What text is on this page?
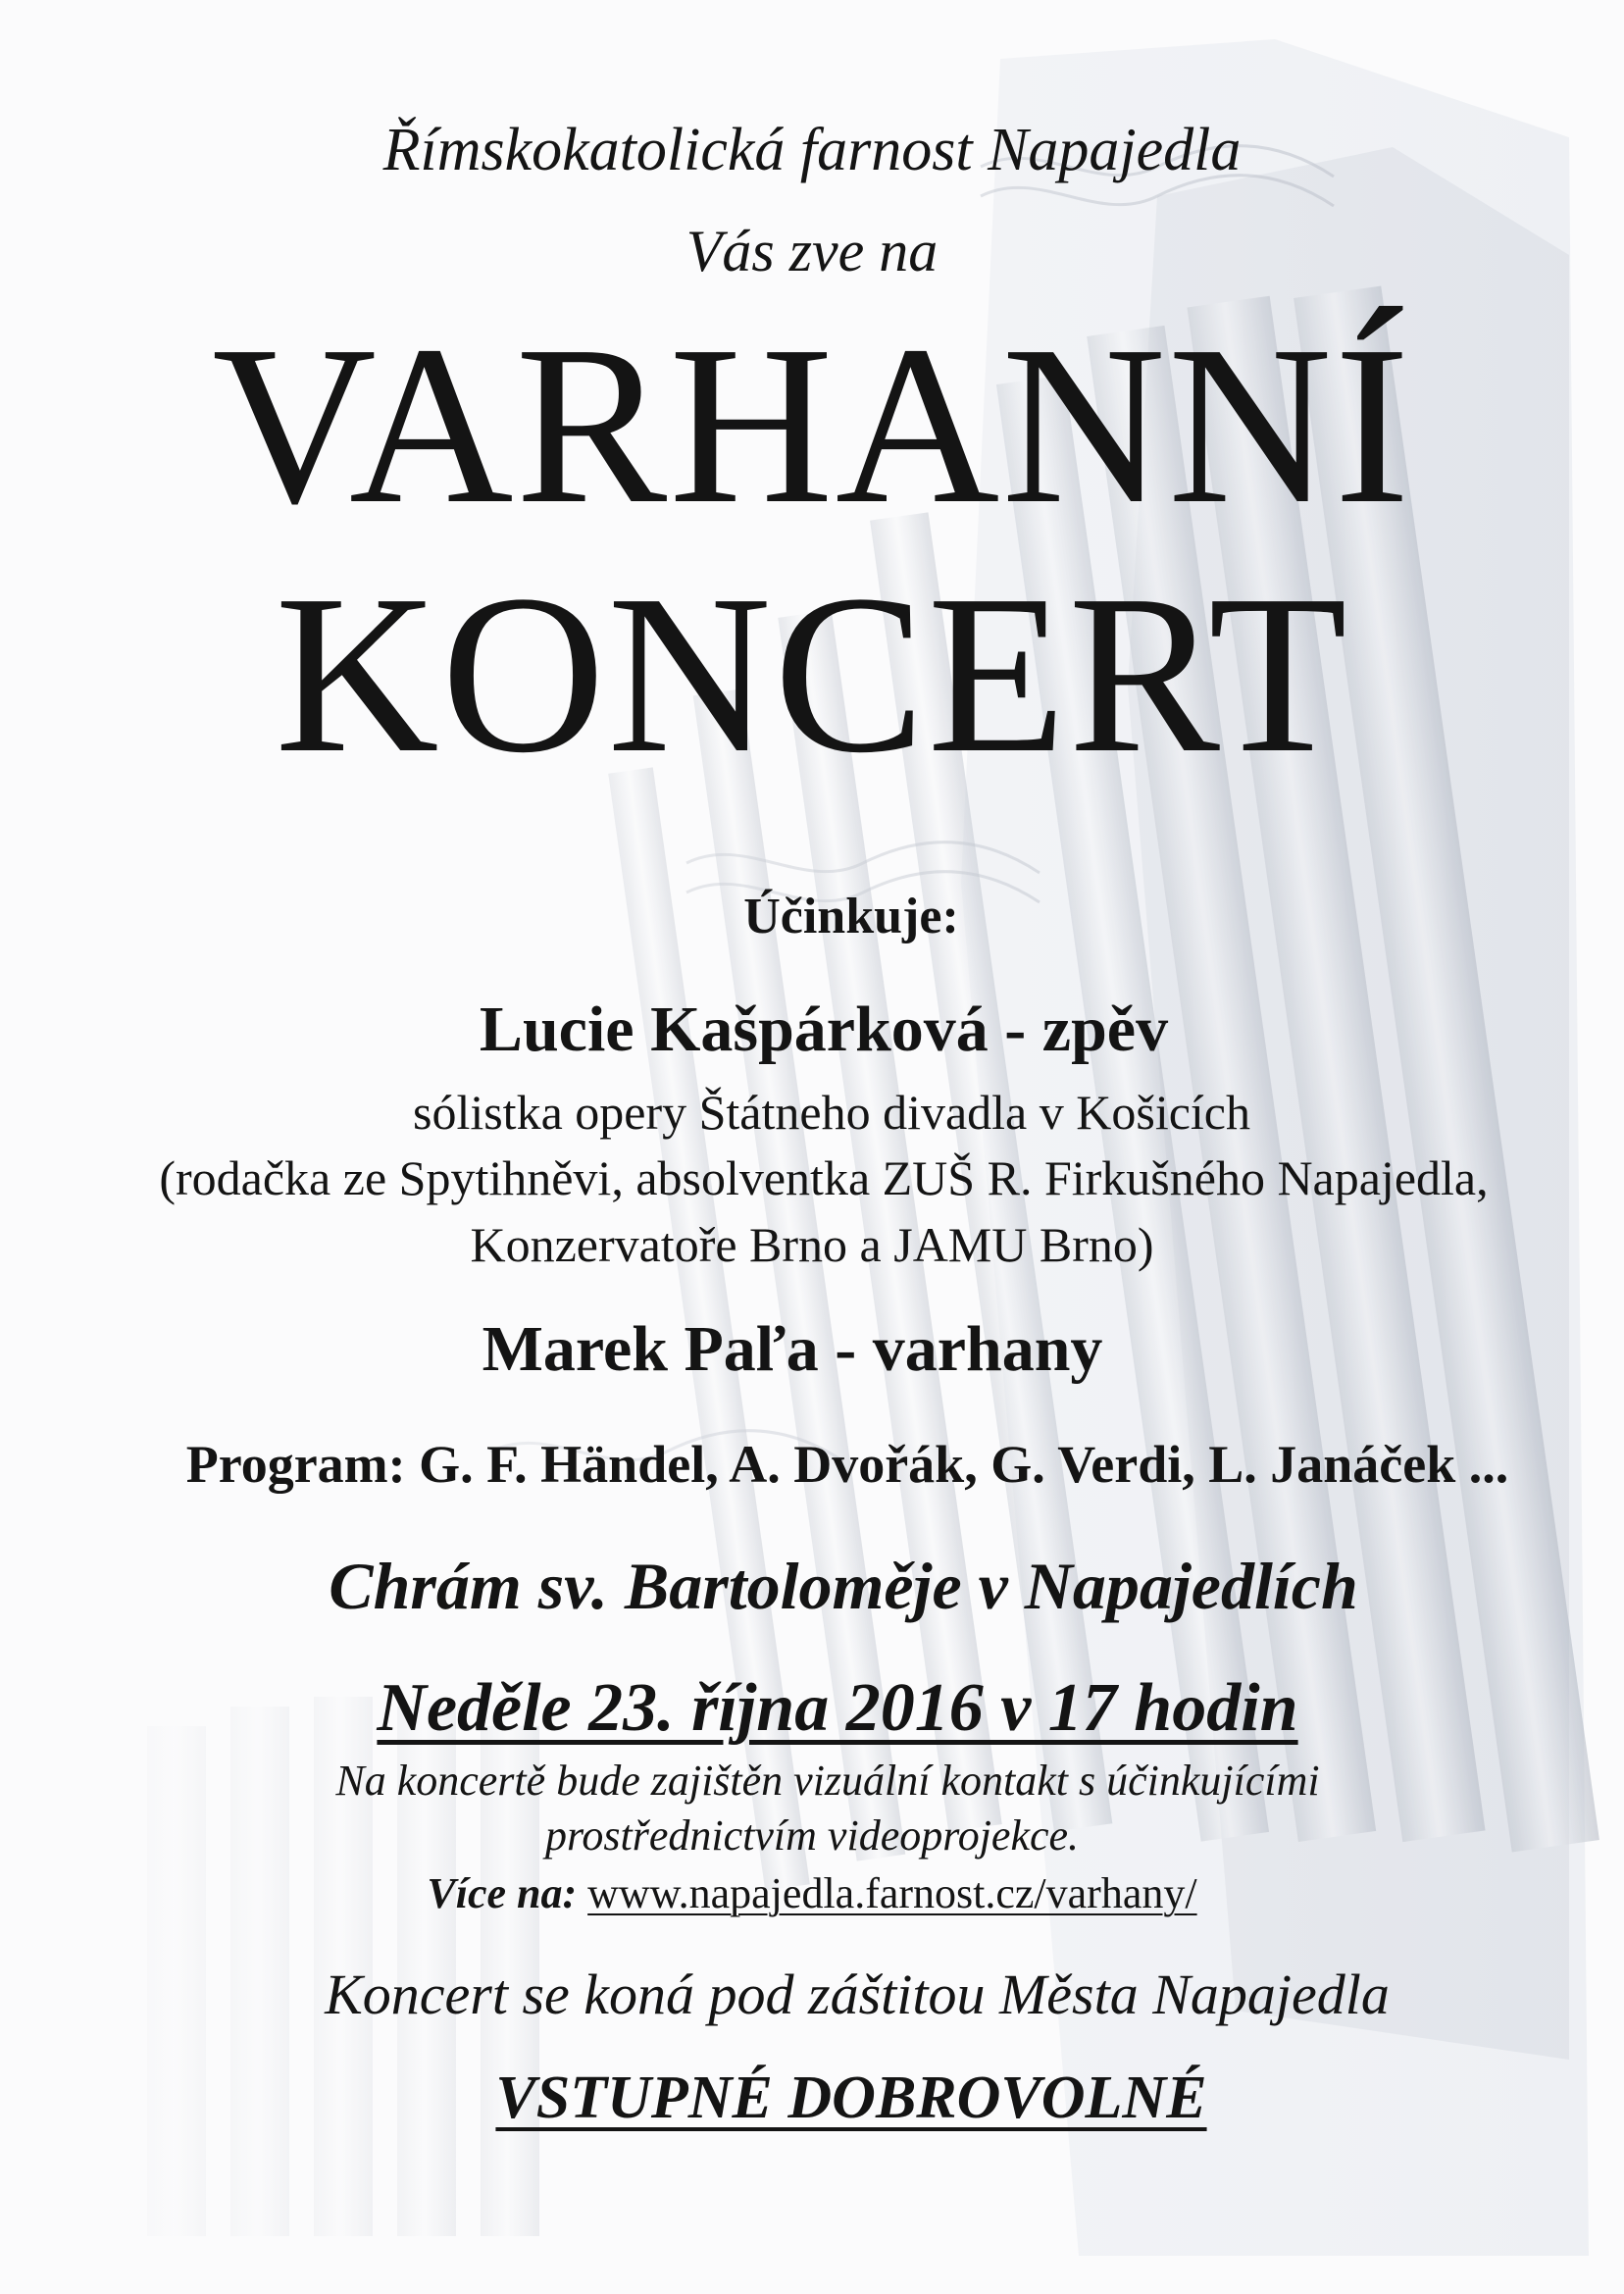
Římskokatolická farnost Napajedla
Vás zve na
VARHANNÍ
KONCERT
Účinkuje:
Lucie Kašpárková - zpěv
sólistka opery Štátneho divadla v Košicích
(rodačka ze Spytihněvi, absolventka ZUŠ R. Firkušného Napajedla,
Konzervatoře Brno a JAMU Brno)
Marek Paľa - varhany
Program: G. F. Händel, A. Dvořák, G. Verdi, L. Janáček ...
Chrám sv. Bartoloměje v Napajedlích
Neděle 23. října 2016 v 17 hodin
Na koncertě bude zajištěn vizuální kontakt s účinkujícími
prostřednictvím videoprojekce.
Více na: www.napajedla.farnost.cz/varhany/
Koncert se koná pod záštitou Města Napajedla
VSTUPNÉ DOBROVOLNÉ
